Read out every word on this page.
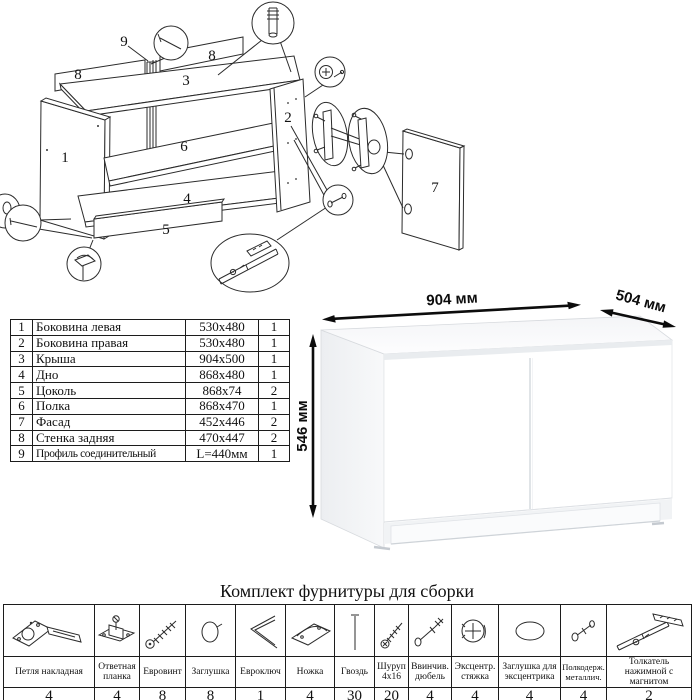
1
2
3
4
5
6
7
8
8
9
904 мм	504 мм
546 мм
1	Боковина левая	530x480	1
2	Боковина правая	530x480	1
3	Крыша	904x500	1
4	Дно	868x480	1
5	Цоколь	868x74	2
6	Полка	868x470	1
7	Фасад	452x446	2
8	Стенка задняя	470x447	2
9	Профиль соединительный	L=440мм	1
Комплект фурнитуры для сборки

Петля накладная	Ответная планка	Евровинт	Заглушка	Евроключ	Ножка	Гвоздь	Шуруп 4x16	Ввинчив. дюбель	Эксцентр. стяжка	Заглушка для эксцентрика	Полкодерж. металлич.	Толкатель нажимной с магнитом
4	4	8	8	1	4	30	20	4	4	4	4	2
